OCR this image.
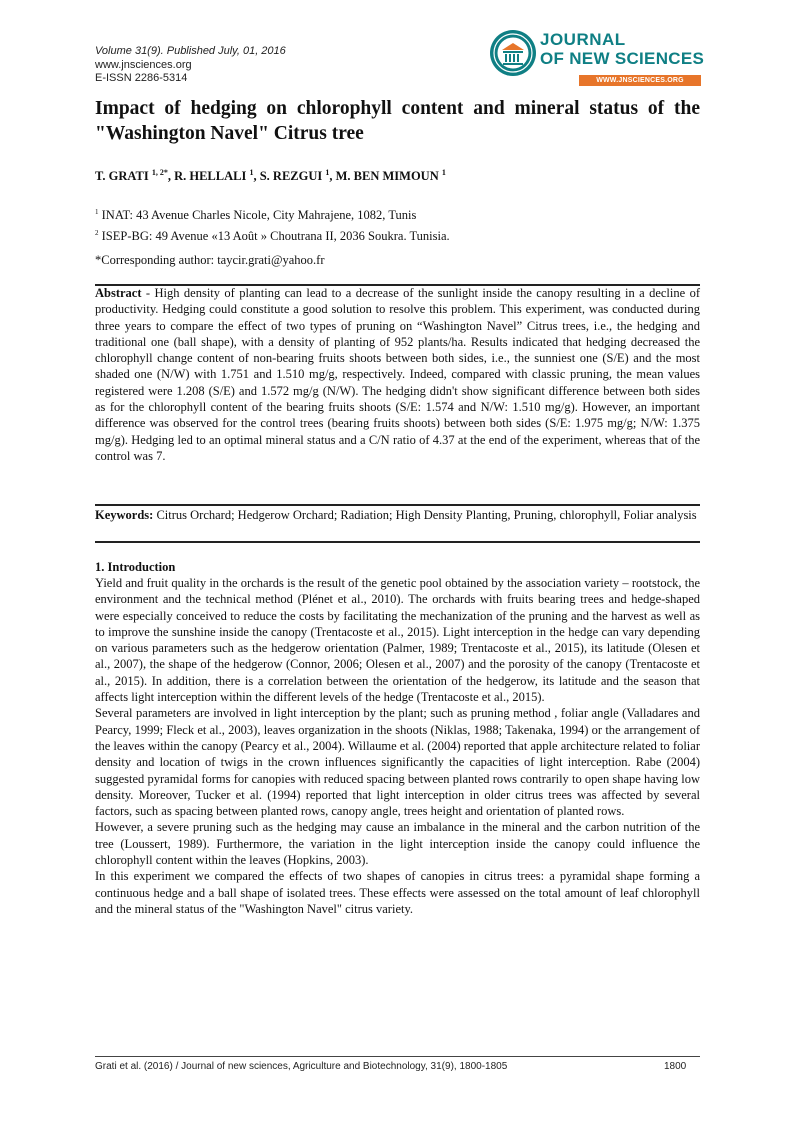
Volume 31(9). Published July, 01, 2016
www.jnsciences.org
E-ISSN 2286-5314
JOURNAL
OF NEW SCIENCES
WWW.JNSCIENCES.ORG
Impact of hedging on chlorophyll content and mineral status of the "Washington Navel" Citrus tree
T. GRATI $^{1, 2*}$, R. HELLALI $^1$, S. REZGUI $^1$, M. BEN MIMOUN $^1$
$^1$ INAT: 43 Avenue Charles Nicole, City Mahrajene, 1082, Tunis
$^2$ ISEP-BG: 49 Avenue «13 Août » Choutrana II, 2036 Soukra. Tunisia.
*Corresponding author: taycir.grati@yahoo.fr
Abstract - High density of planting can lead to a decrease of the sunlight inside the canopy resulting in a decline of productivity. Hedging could constitute a good solution to resolve this problem. This experiment, was conducted during three years to compare the effect of two types of pruning on “Washington Navel” Citrus trees, i.e., the hedging and traditional one (ball shape), with a density of planting of 952 plants/ha. Results indicated that hedging decreased the chlorophyll change content of non-bearing fruits shoots between both sides, i.e., the sunniest one (S/E) and the most shaded one (N/W) with 1.751 and 1.510 mg/g, respectively. Indeed, compared with classic pruning, the mean values registered were 1.208 (S/E) and 1.572 mg/g (N/W). The hedging didn't show significant difference between both sides as for the chlorophyll content of the bearing fruits shoots (S/E: 1.574 and N/W: 1.510 mg/g). However, an important difference was observed for the control trees (bearing fruits shoots) between both sides (S/E: 1.975 mg/g; N/W: 1.375 mg/g). Hedging led to an optimal mineral status and a C/N ratio of 4.37 at the end of the experiment, whereas that of the control was 7.
Keywords: Citrus Orchard; Hedgerow Orchard; Radiation; High Density Planting, Pruning, chlorophyll, Foliar analysis
1. Introduction

Yield and fruit quality in the orchards is the result of the genetic pool obtained by the association variety – rootstock, the environment and the technical method (Plénet et al., 2010). The orchards with fruits bearing trees and hedge-shaped were especially conceived to reduce the costs by facilitating the mechanization of the pruning and the harvest as well as to improve the sunshine inside the canopy (Trentacoste et al., 2015). Light interception in the hedge can vary depending on various parameters such as the hedgerow orientation (Palmer, 1989; Trentacoste et al., 2015), its latitude (Olesen et al., 2007), the shape of the hedgerow (Connor, 2006; Olesen et al., 2007) and the porosity of the canopy (Trentacoste et al., 2015). In addition, there is a correlation between the orientation of the hedgerow, its latitude and the season that affects light interception within the different levels of the hedge (Trentacoste et al., 2015).

Several parameters are involved in light interception by the plant; such as pruning method , foliar angle (Valladares and Pearcy, 1999; Fleck et al., 2003), leaves organization in the shoots (Niklas, 1988; Takenaka, 1994) or the arrangement of the leaves within the canopy (Pearcy et al., 2004). Willaume et al. (2004) reported that apple architecture related to foliar density and location of twigs in the crown influences significantly the capacities of light interception. Rabe (2004) suggested pyramidal forms for canopies with reduced spacing between planted rows contrarily to open shape having low density. Moreover, Tucker et al. (1994) reported that light interception in older citrus trees was affected by several factors, such as spacing between planted rows, canopy angle, trees height and orientation of planted rows.

However, a severe pruning such as the hedging may cause an imbalance in the mineral and the carbon nutrition of the tree (Loussert, 1989). Furthermore, the variation in the light interception inside the canopy could influence the chlorophyll content within the leaves (Hopkins, 2003).

In this experiment we compared the effects of two shapes of canopies in citrus trees: a pyramidal shape forming a continuous hedge and a ball shape of isolated trees. These effects were assessed on the total amount of leaf chlorophyll and the mineral status of the "Washington Navel" citrus variety.

Grati et al. (2016) / Journal of new sciences, Agriculture and Biotechnology, 31(9), 1800-1805	1800
